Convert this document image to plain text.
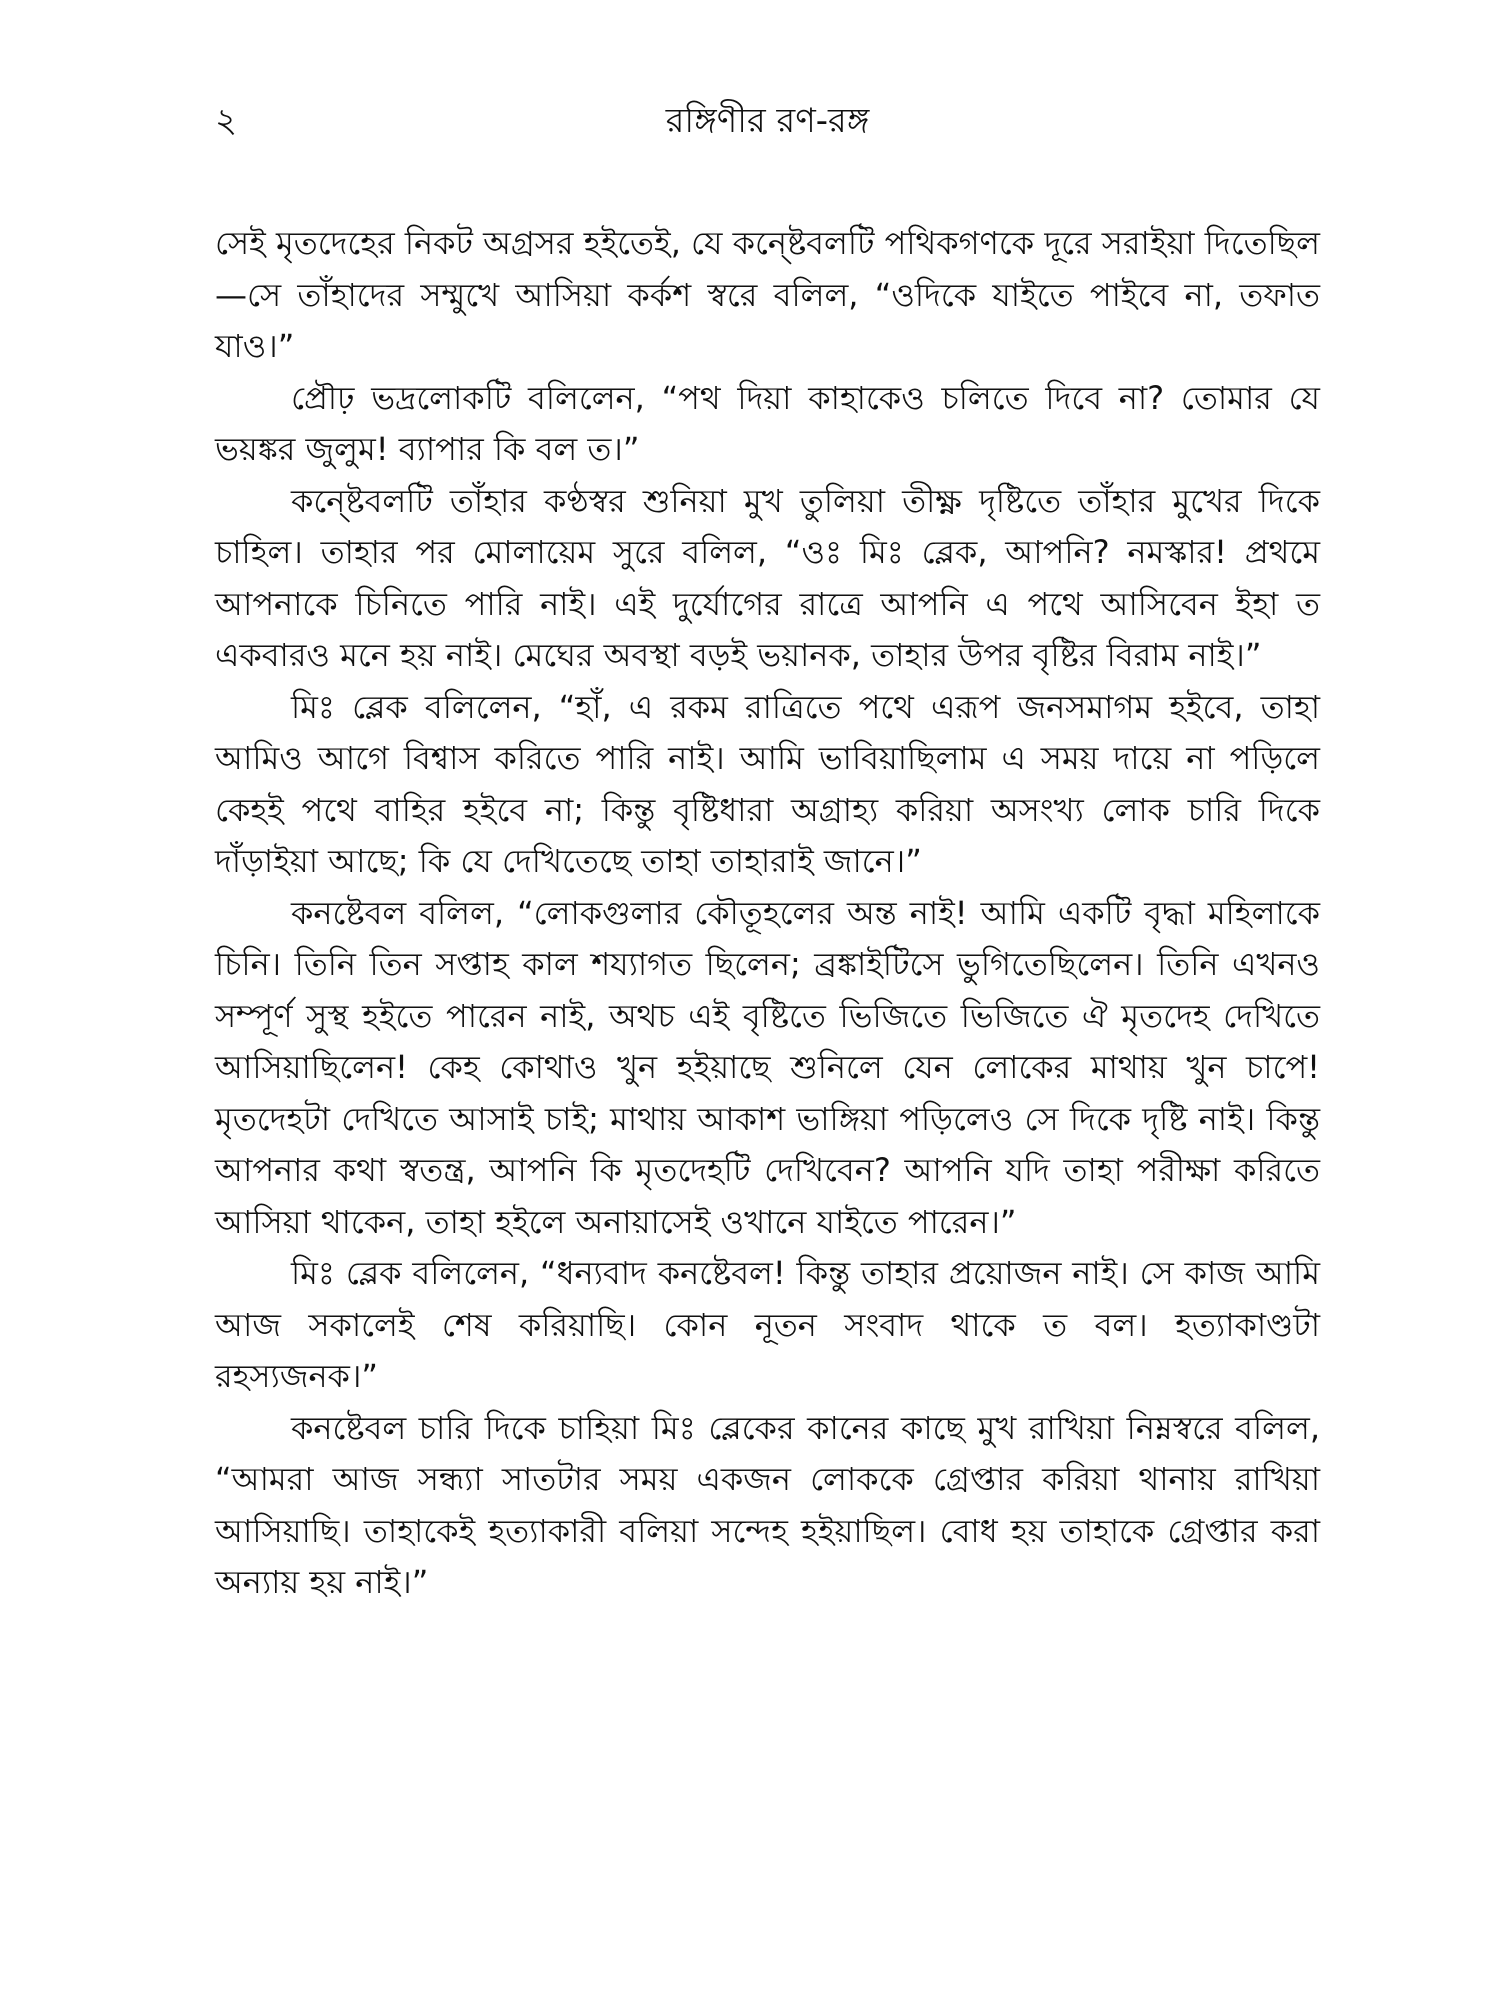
২	রঙ্গিণীর রণ-রঙ্গ

সেই মৃতদেহের নিকট অগ্রসর হইতেই, যে কন্ষ্টেবলটি পথিকগণকে দূরে সরাইয়া দিতেছিল—সে তাঁহাদের সম্মুখে আসিয়া কর্কশ স্বরে বলিল, “ওদিকে যাইতে পাইবে না, তফাত যাও।”

প্রৌঢ় ভদ্রলোকটি বলিলেন, “পথ দিয়া কাহাকেও চলিতে দিবে না? তোমার যে ভয়ঙ্কর জুলুম! ব্যাপার কি বল ত।”

কন্ষ্টেবলটি তাঁহার কণ্ঠস্বর শুনিয়া মুখ তুলিয়া তীক্ষ্ণ দৃষ্টিতে তাঁহার মুখের দিকে চাহিল। তাহার পর মোলায়েম সুরে বলিল, “ওঃ মিঃ ব্লেক, আপনি? নমস্কার! প্রথমে আপনাকে চিনিতে পারি নাই। এই দুর্যোগের রাত্রে আপনি এ পথে আসিবেন ইহা ত একবারও মনে হয় নাই। মেঘের অবস্থা বড়ই ভয়ানক, তাহার উপর বৃষ্টির বিরাম নাই।”

মিঃ ব্লেক বলিলেন, “হাঁ, এ রকম রাত্রিতে পথে এরূপ জনসমাগম হইবে, তাহা আমিও আগে বিশ্বাস করিতে পারি নাই। আমি ভাবিয়াছিলাম এ সময় দায়ে না পড়িলে কেহই পথে বাহির হইবে না; কিন্তু বৃষ্টিধারা অগ্রাহ্য করিয়া অসংখ্য লোক চারি দিকে দাঁড়াইয়া আছে; কি যে দেখিতেছে তাহা তাহারাই জানে।”

কনষ্টেবল বলিল, “লোকগুলার কৌতূহলের অন্ত নাই! আমি একটি বৃদ্ধা মহিলাকে চিনি। তিনি তিন সপ্তাহ কাল শয্যাগত ছিলেন; ব্রঙ্কাইটিসে ভুগিতেছিলেন। তিনি এখনও সম্পূর্ণ সুস্থ হইতে পারেন নাই, অথচ এই বৃষ্টিতে ভিজিতে ভিজিতে ঐ মৃতদেহ দেখিতে আসিয়াছিলেন! কেহ কোথাও খুন হইয়াছে শুনিলে যেন লোকের মাথায় খুন চাপে! মৃতদেহটা দেখিতে আসাই চাই; মাথায় আকাশ ভাঙ্গিয়া পড়িলেও সে দিকে দৃষ্টি নাই। কিন্তু আপনার কথা স্বতন্ত্র, আপনি কি মৃতদেহটি দেখিবেন? আপনি যদি তাহা পরীক্ষা করিতে আসিয়া থাকেন, তাহা হইলে অনায়াসেই ওখানে যাইতে পারেন।”

মিঃ ব্লেক বলিলেন, “ধন্যবাদ কনষ্টেবল! কিন্তু তাহার প্রয়োজন নাই। সে কাজ আমি আজ সকালেই শেষ করিয়াছি। কোন নূতন সংবাদ থাকে ত বল। হত্যাকাণ্ডটা রহস্যজনক।”

কনষ্টেবল চারি দিকে চাহিয়া মিঃ ব্লেকের কানের কাছে মুখ রাখিয়া নিম্নস্বরে বলিল, “আমরা আজ সন্ধ্যা সাতটার সময় একজন লোককে গ্রেপ্তার করিয়া থানায় রাখিয়া আসিয়াছি। তাহাকেই হত্যাকারী বলিয়া সন্দেহ হইয়াছিল। বোধ হয় তাহাকে গ্রেপ্তার করা অন্যায় হয় নাই।”
